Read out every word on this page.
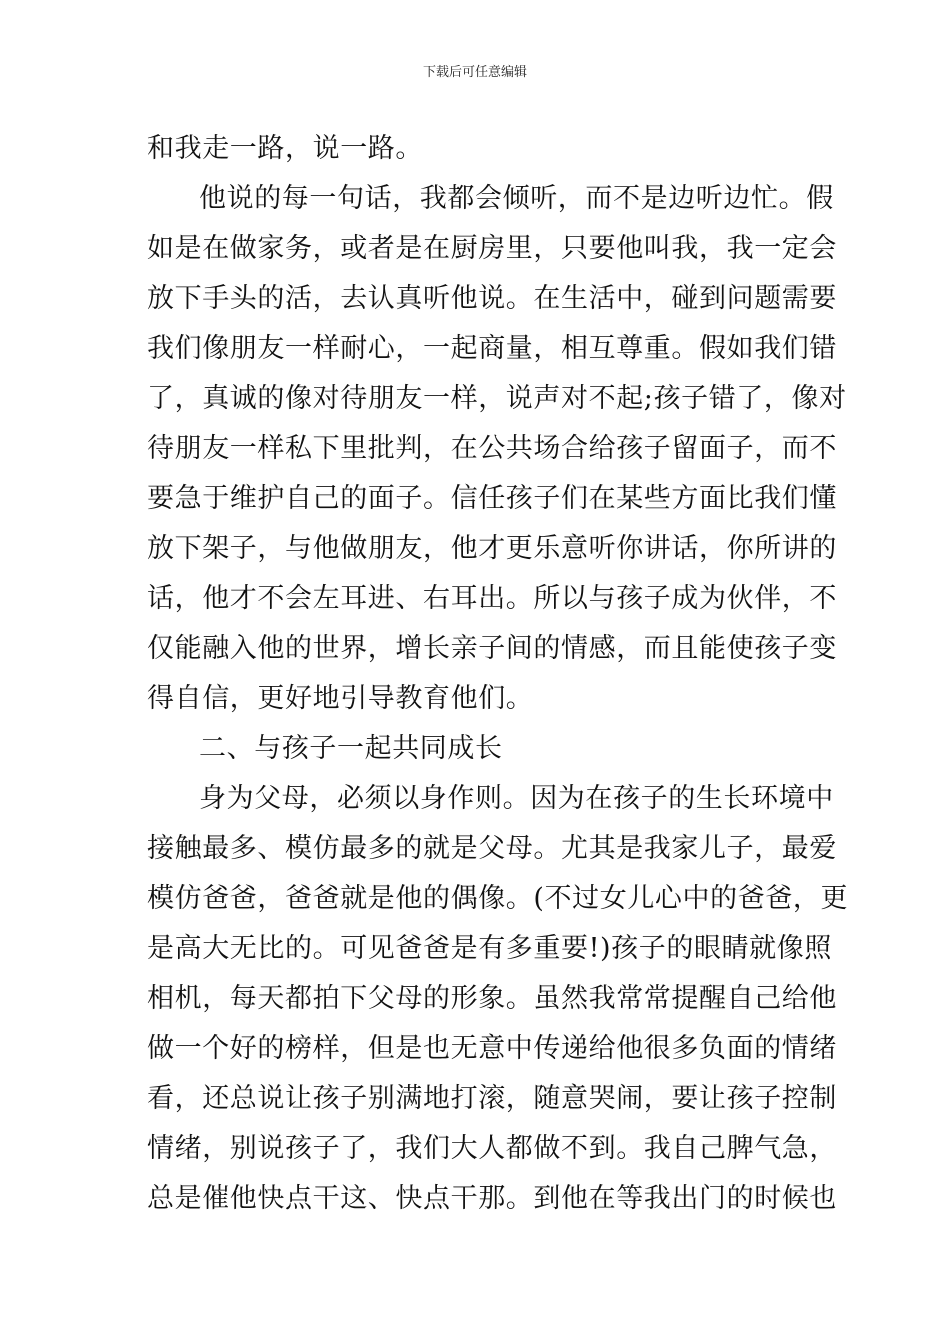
下载后可任意编辑
和我走一路，说一路。
他说的每一句话，我都会倾听，而不是边听边忙。假
如是在做家务，或者是在厨房里，只要他叫我，我一定会
放下手头的活，去认真听他说。在生活中，碰到问题需要
我们像朋友一样耐心，一起商量，相互尊重。假如我们错
了，真诚的像对待朋友一样，说声对不起;孩子错了，像对
待朋友一样私下里批判，在公共场合给孩子留面子，而不
要急于维护自己的面子。信任孩子们在某些方面比我们懂
放下架子，与他做朋友，他才更乐意听你讲话，你所讲的
话，他才不会左耳进、右耳出。所以与孩子成为伙伴，不
仅能融入他的世界，增长亲子间的情感，而且能使孩子变
得自信，更好地引导教育他们。
二、与孩子一起共同成长
身为父母，必须以身作则。因为在孩子的生长环境中
接触最多、模仿最多的就是父母。尤其是我家儿子，最爱
模仿爸爸，爸爸就是他的偶像。(不过女儿心中的爸爸，更
是高大无比的。可见爸爸是有多重要!)孩子的眼睛就像照
相机，每天都拍下父母的形象。虽然我常常提醒自己给他
做一个好的榜样，但是也无意中传递给他很多负面的情绪
看，还总说让孩子别满地打滚，随意哭闹，要让孩子控制
情绪，别说孩子了，我们大人都做不到。我自己脾气急，
总是催他快点干这、快点干那。到他在等我出门的时候也
